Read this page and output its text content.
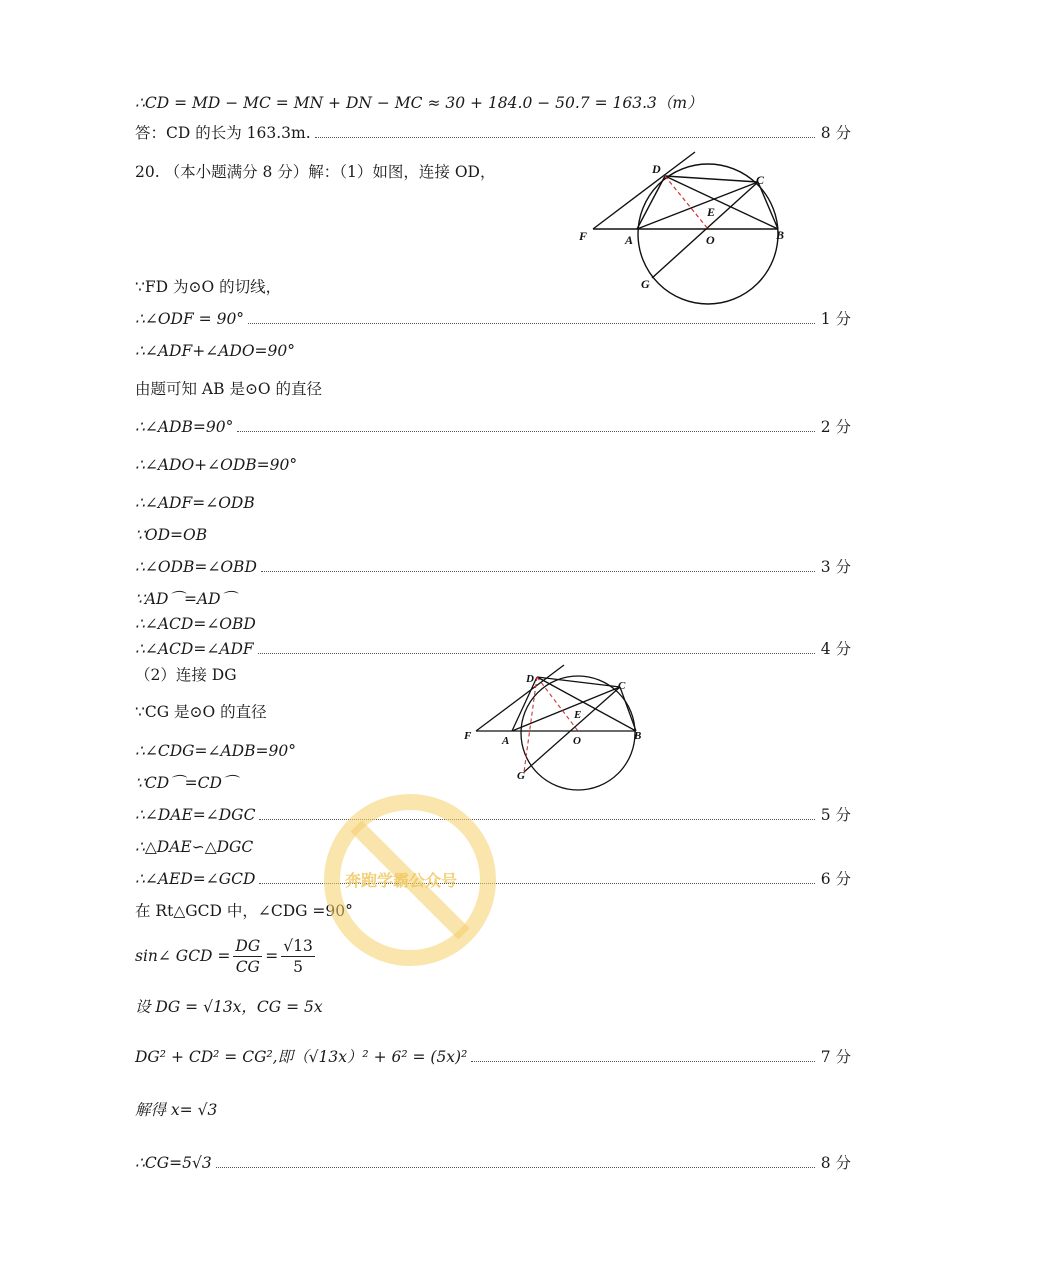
∴CD = MD − MC = MN + DN − MC ≈ 30 + 184.0 − 50.7 = 163.3（m）
答：CD 的长为 163.3m.	8 分
20. （本小题满分 8 分）解：（1）如图，连接 OD，	D
C
E
F	A	O	B
G
∵FD 为⊙O 的切线，
∴∠ODF = 90°	1 分
∴∠ADF+∠ADO=90°
由题可知 AB 是⊙O 的直径
∴∠ADB=90°	2 分
∴∠ADO+∠ODB=90°
∴∠ADF=∠ODB
∵OD=OB
∴∠ODB=∠OBD	3 分
∵AD⌒=AD⌒
∴∠ACD=∠OBD
∴∠ACD=∠ADF	4 分
（2）连接 DG	D
C
E
F	A	O	B
G
∵CG 是⊙O 的直径
∴∠CDG=∠ADB=90°
∵CD⌒=CD⌒
∴∠DAE=∠DGC	5 分
∴△DAE∽△DGC
∴∠AED=∠GCD	6 分
在 Rt△GCD 中，∠CDG =90°
sin∠ GCD = $\frac{DG}{CG} = \frac{√13}{5}$
设 DG = √13x，CG = 5x
DG² + CD² = CG²,即（√13x）² + 6² = (5x)²	7 分
解得 x= √3
∴CG=5√3	8 分
奔跑学霸公众号
